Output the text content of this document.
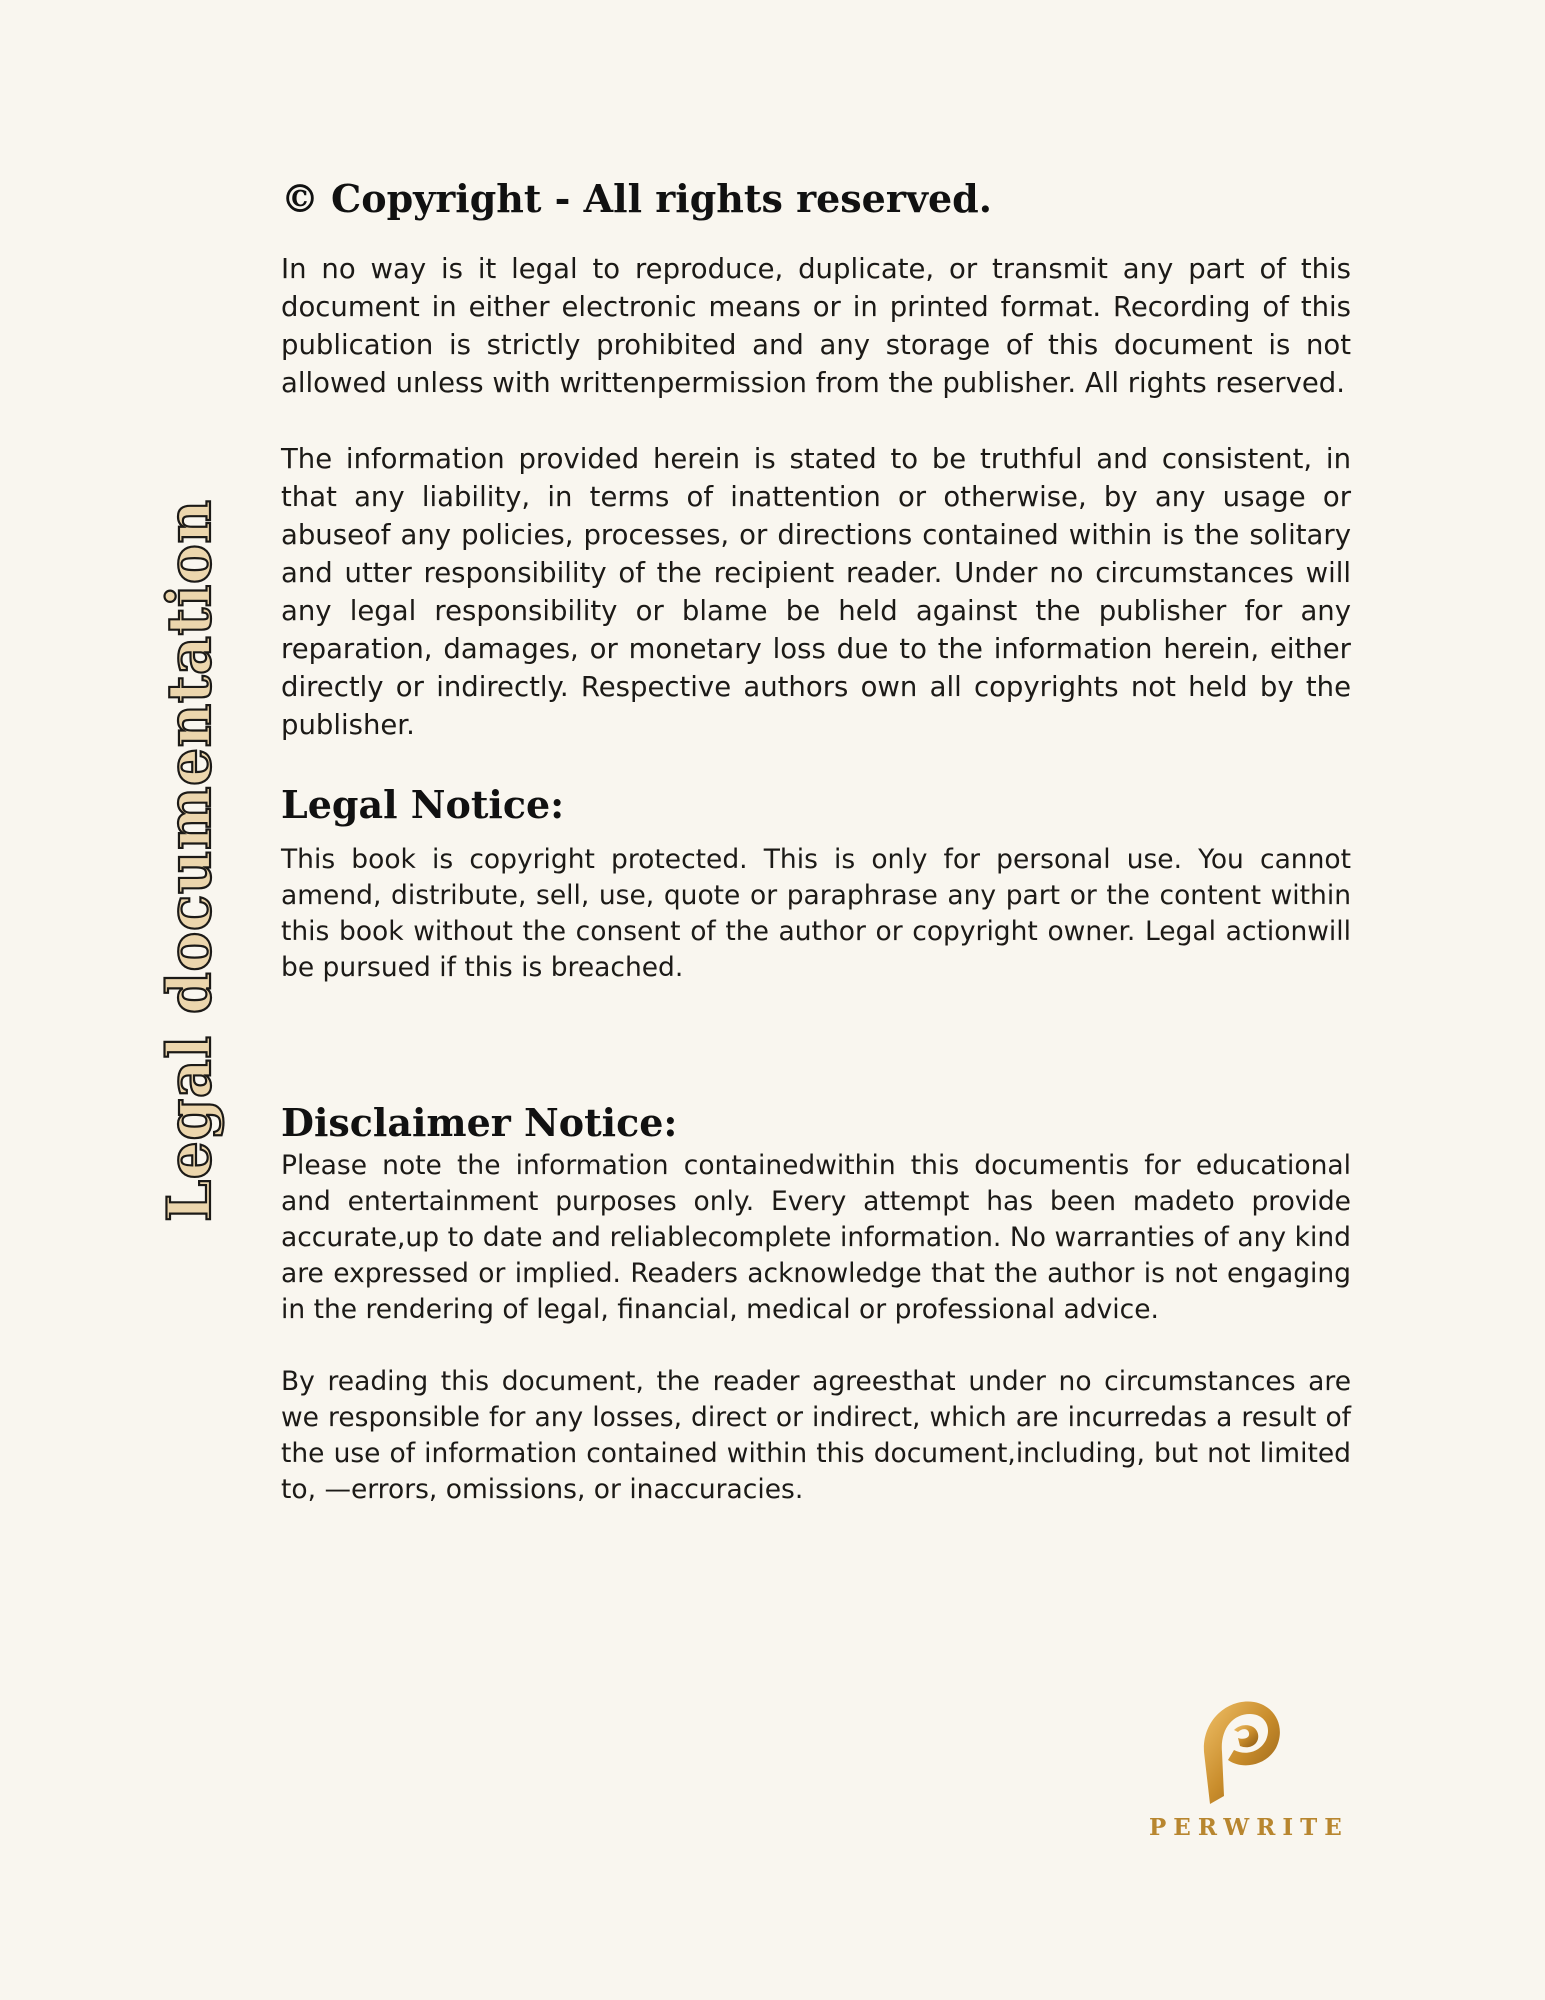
Legal documentation
© Copyright - All rights reserved.

In no way is it legal to reproduce, duplicate, or transmit any part of this document in either electronic means or in printed format. Recording of this publication is strictly prohibited and any storage of this document is not allowed unless with writtenpermission from the publisher. All rights reserved.

The information provided herein is stated to be truthful and consistent, in that any liability, in terms of inattention or otherwise, by any usage or abuseof any policies, processes, or directions contained within is the solitary and utter responsibility of the recipient reader. Under no circumstances will any legal responsibility or blame be held against the publisher for any reparation, damages, or monetary loss due to the information herein, either directly or indirectly. Respective authors own all copyrights not held by the publisher.

Legal Notice:

This book is copyright protected. This is only for personal use. You cannot amend, distribute, sell, use, quote or paraphrase any part or the content within this book without the consent of the author or copyright owner. Legal actionwill be pursued if this is breached.

Disclaimer Notice:

Please note the information containedwithin this documentis for educational and entertainment purposes only. Every attempt has been madeto provide accurate,up to date and reliablecomplete information. No warranties of any kind are expressed or implied. Readers acknowledge that the author is not engaging in the rendering of legal, financial, medical or professional advice.

By reading this document, the reader agreesthat under no circumstances are we responsible for any losses, direct or indirect, which are incurredas a result of the use of information contained within this document,including, but not limited to, —errors, omissions, or inaccuracies.

PERWRITE
